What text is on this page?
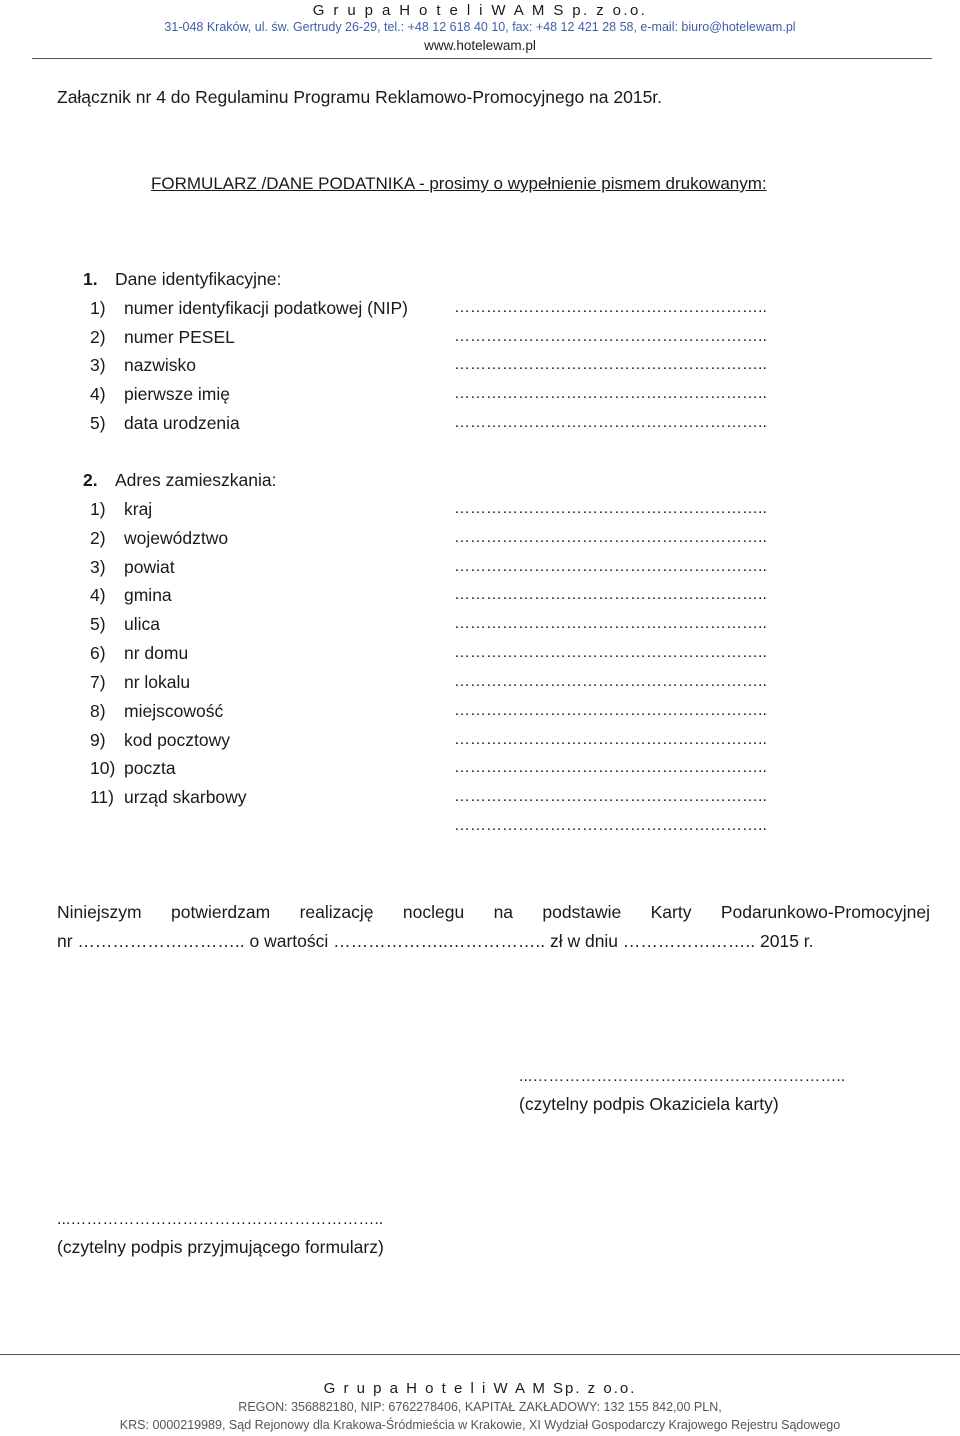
G r u p a H o t e l i W A M S p. z o.o.
31-048 Kraków, ul. św. Gertrudy 26-29, tel.: +48 12 618 40 10, fax: +48 12 421 28 58, e-mail: biuro@hotelewam.pl
www.hotelewam.pl
Załącznik nr 4 do Regulaminu Programu Reklamowo-Promocyjnego na 2015r.
FORMULARZ /DANE PODATNIKA - prosimy o wypełnienie pismem drukowanym:
1. Dane identyfikacyjne:
1) numer identyfikacji podatkowej (NIP)	…………………………………………………..
2) numer PESEL	…………………………………………………..
3) nazwisko	…………………………………………………..
4) pierwsze imię	…………………………………………………..
5) data urodzenia	…………………………………………………..
2. Adres zamieszkania:
1) kraj	…………………………………………………..
2) województwo	…………………………………………………..
3) powiat	…………………………………………………..
4) gmina	…………………………………………………..
5) ulica	…………………………………………………..
6) nr domu	…………………………………………………..
7) nr lokalu	…………………………………………………..
8) miejscowość	…………………………………………………..
9) kod pocztowy	…………………………………………………..
10) poczta	…………………………………………………..
11) urząd skarbowy	…………………………………………………..
…………………………………………………..
Niniejszym potwierdzam realizację noclegu na podstawie Karty Podarunkowo-Promocyjnej
nr ……………………….. o wartości ………………..…………….. zł w dniu ………………….. 2015 r.
...…………………………………………………..
(czytelny podpis Okaziciela karty)
...…………………………………………………..
(czytelny podpis przyjmującego formularz)
G r u p a H o t e l i W A M Sp. z o.o.
REGON: 356882180, NIP: 6762278406, KAPITAŁ ZAKŁADOWY: 132 155 842,00 PLN,
KRS: 0000219989, Sąd Rejonowy dla Krakowa-Śródmieścia w Krakowie, XI Wydział Gospodarczy Krajowego Rejestru Sądowego
